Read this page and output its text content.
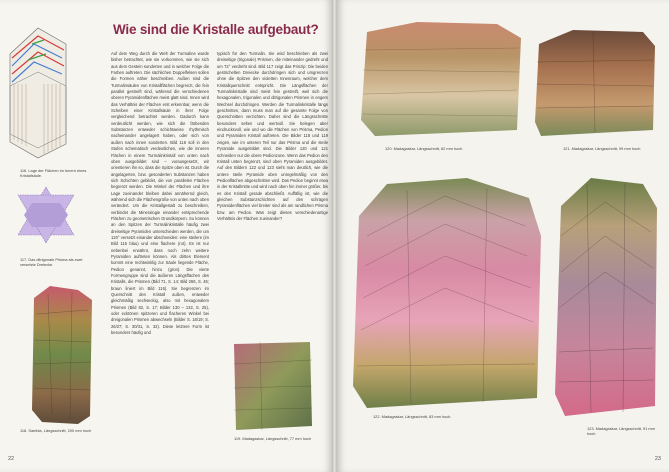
116. Lage der Flächen im Innern eines Kristallsäule.
117. Das ditrigonale Prisma als zwei versetzte Dreiecke.
118. Sambia, Längsschnitt, 200 mm hoch
Wie sind die Kristalle aufgebaut?
Auf dem Weg durch die Welt der Turmaline wurde bisher betrachtet, wie sie vorkommen, wie sie sich aus dem Gestein sonderten und in welcher Folge die Farben auftreten. Die sächlichen Doppelfelsen sollen die Formen näher beschreiben. Außen sind die Turmalinsäulen von Kristallflächen begrenzt, die fein parallel gestreift sind, während die verschiedenen oberen Pyramidenflächen meist glatt sind. Innen wird das Verhältnis der Flächen erst erkennbar, wenn die Scheiben einer Kristallsäule in ihrer Folge vergleichend betrachtet werden. Dadurch kann verdeutlicht werden, wie sich die färbenden Substanzen entweder schichtweise rhythmisch nacheinander angelagert haben, oder sich von außen nach innen sonderten. Bild 116 soll in den Stufen schematisch verdeutlichen, wie die inneren Flächen in einem Turmalinkristall von unten nach oben ausgebildet sind – vorausgesetzt, wir orientieren ihn so, dass die Spitze oben ist. Durch die angelagerten, bzw. gesonderten Substanzen haben sich Schichten gebildet, die von parallelen Flächen begrenzt werden. Die Winkel der Flächen und ihre Lage zueinander bleiben dabei annähernd gleich, während sich die Flächengröße von unten nach oben verändert. Um die Kristallgestalt zu beschreiben, verbindet die Mineralogie einander entsprechende Flächen zu geometrischen Grundkörpern. So können an den Spitzen der Turmalinkristalle häufig zwei dreiseitige Pyramiden unterschieden werden, die um 120° versetzt einander abschneiden: eine steilere (im Bild 116 blau) und eine flachere (rot). Es ist nur nebenbei erwähnt, dass noch zehn weitere Pyramiden auftreten können. Als drittes Element kommt eine rechtwinklig zur Säule liegende Fläche, Pedion genannt, hinzu (grün). Die vierte Formengruppe sind die äußeren Längsflächen des Kristalls, die Prismen (Bild 71, S. 14; Bild 266, S. 45; braun liniert im Bild 116). Sie begrenzen im Querschnitt den Kristall außen, entweder gleichmäßig sechseckig, also mit hexagonalem Prismen (Bild 82, S. 17; Bilder 130 – 132, S. 25), oder ecktönen spitzeren und flacheren Winkel bei dreigonalen Prismen abwechseln (Bilder S. 18/19; S. 26/27; S. 30/31, S. 32). Diese letztere Form ist besonders häufig und
typisch für den Turmalin. Sie wird beschrieben als zwei dreiseitige (trigonale) Prismen, die miteinander gedreht und um 72° verdreht sind. Bild 117 zeigt das Prinzip: Die beiden gestrichelten Dreiecke durchdringen sich und umgrenzen ohne die Spitzen den violetten Innenraum, welcher dem Kristallquerschnitt entspricht. Die Längsflächen der Turmalinkristalle sind meist fein gestreift, weil sich die hexagonalen, trigonalen und ditrigonalen Prismen in engem Wechsel durchdringen. Werden die Turmalinkristalle längs geschnitten, dann muss man auf die gesamte Folge von Querschnitten verzichten. Daher sind die Längsschnitte besonders selten und wertvoll. Sie belegen aber eindrucksvoll, wie und wo die Flächen von Prisma, Pedion und Pyramiden Kristall auftreten. Die Bilder 118 und 119 zeigen, wie im unteren Teil nur das Prisma und die steile Pyramide ausgebildet sind. Die Bilder 120 und 121 schneiden nur die obere Pedionzone. Wenn das Pedion den Kristall unten begrenzt, sind oben Pyramiden ausgebildet. Auf den Bildern 122 und 123 sieht man deutlich, wie die untere steile Pyramide oben unregelmäßig von den Pedionflächen abgeschnitten wird. Das Pedion beginnt etwa in der Kristallmitte und wird nach oben hin immer größer, bis es den Kristall gerade abschließt. Auffällig ist, wie die gleichen Substanzschichten auf den schrägen Pyramidenflächen viel breiter sind als am randlichen Prisma bzw. am Pedion. Was zeigt dieses verschiedenartige Verhältnis der Flächen zueinander?
119. Madagaskar, Längsschnitt, 77 mm hoch
22
120. Madagaskar, Längsschnitt, 62 mm hoch	121. Madagaskar, Längsschnitt, 99 mm hoch
122. Madagaskar, Längsschnitt, 83 mm hoch
123. Madagaskar, Längsschnitt, 91 mm hoch
23
